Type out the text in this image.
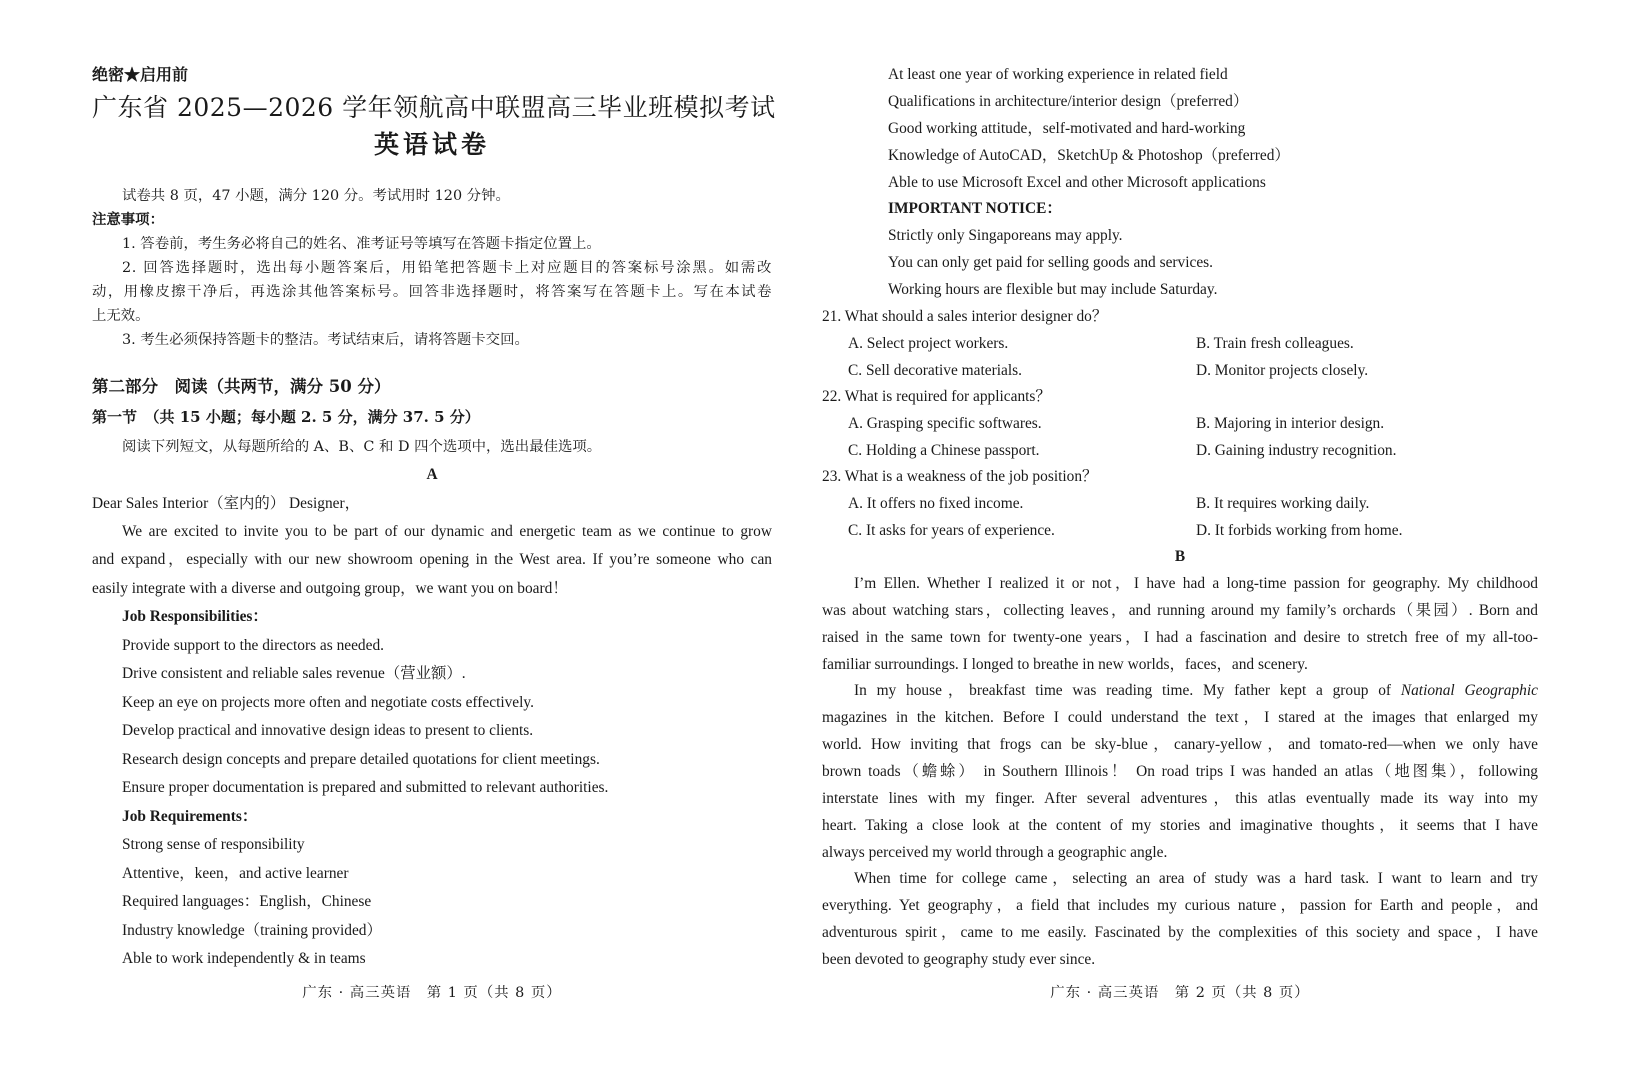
绝密★启用前
广东省 2025—2026 学年领航高中联盟高三毕业班模拟考试
英语试卷
试卷共 8 页，47 小题，满分 120 分。考试用时 120 分钟。
注意事项：
1. 答卷前，考生务必将自己的姓名、准考证号等填写在答题卡指定位置上。
2. 回答选择题时，选出每小题答案后，用铅笔把答题卡上对应题目的答案标号涂黑。如需改
动，用橡皮擦干净后，再选涂其他答案标号。回答非选择题时，将答案写在答题卡上。写在本试卷
上无效。
3. 考生必须保持答题卡的整洁。考试结束后，请将答题卡交回。
第二部分　阅读（共两节，满分 50 分）
第一节　（共 15 小题；每小题 2. 5 分，满分 37. 5 分）
阅读下列短文，从每题所给的 A、B、C 和 D 四个选项中，选出最佳选项。
A
Dear Sales Interior（室内的） Designer，
We are excited to invite you to be part of our dynamic and energetic team as we continue to grow
and expand，especially with our new showroom opening in the West area. If you’re someone who can
easily integrate with a diverse and outgoing group，we want you on board！
Job Responsibilities：
Provide support to the directors as needed.
Drive consistent and reliable sales revenue（营业额）.
Keep an eye on projects more often and negotiate costs effectively.
Develop practical and innovative design ideas to present to clients.
Research design concepts and prepare detailed quotations for client meetings.
Ensure proper documentation is prepared and submitted to relevant authorities.
Job Requirements：
Strong sense of responsibility
Attentive，keen，and active learner
Required languages：English，Chinese
Industry knowledge（training provided）
Able to work independently & in teams
广东 · 高三英语　第 1 页（共 8 页）
At least one year of working experience in related field
Qualifications in architecture/interior design（preferred）
Good working attitude，self-motivated and hard-working
Knowledge of AutoCAD，SketchUp & Photoshop（preferred）
Able to use Microsoft Excel and other Microsoft applications
IMPORTANT NOTICE：
Strictly only Singaporeans may apply.
You can only get paid for selling goods and services.
Working hours are flexible but may include Saturday.
21. What should a sales interior designer do？
A. Select project workers.	B. Train fresh colleagues.
C. Sell decorative materials.	D. Monitor projects closely.
22. What is required for applicants？
A. Grasping specific softwares.	B. Majoring in interior design.
C. Holding a Chinese passport.	D. Gaining industry recognition.
23. What is a weakness of the job position？
A. It offers no fixed income.	B. It requires working daily.
C. It asks for years of experience.	D. It forbids working from home.
B
I’m Ellen. Whether I realized it or not，I have had a long-time passion for geography. My childhood
was about watching stars，collecting leaves，and running around my family’s orchards（果园）. Born and
raised in the same town for twenty-one years，I had a fascination and desire to stretch free of my all-too-
familiar surroundings. I longed to breathe in new worlds，faces，and scenery.
In my house，breakfast time was reading time. My father kept a group of National Geographic
magazines in the kitchen. Before I could understand the text，I stared at the images that enlarged my
world. How inviting that frogs can be sky-blue，canary-yellow，and tomato-red—when we only have
brown toads（蟾蜍） in Southern Illinois！ On road trips I was handed an atlas（地图集），following
interstate lines with my finger. After several adventures，this atlas eventually made its way into my
heart. Taking a close look at the content of my stories and imaginative thoughts，it seems that I have
always perceived my world through a geographic angle.
When time for college came，selecting an area of study was a hard task. I want to learn and try
everything. Yet geography，a field that includes my curious nature，passion for Earth and people，and
adventurous spirit，came to me easily. Fascinated by the complexities of this society and space，I have
been devoted to geography study ever since.
广东 · 高三英语　第 2 页（共 8 页）
